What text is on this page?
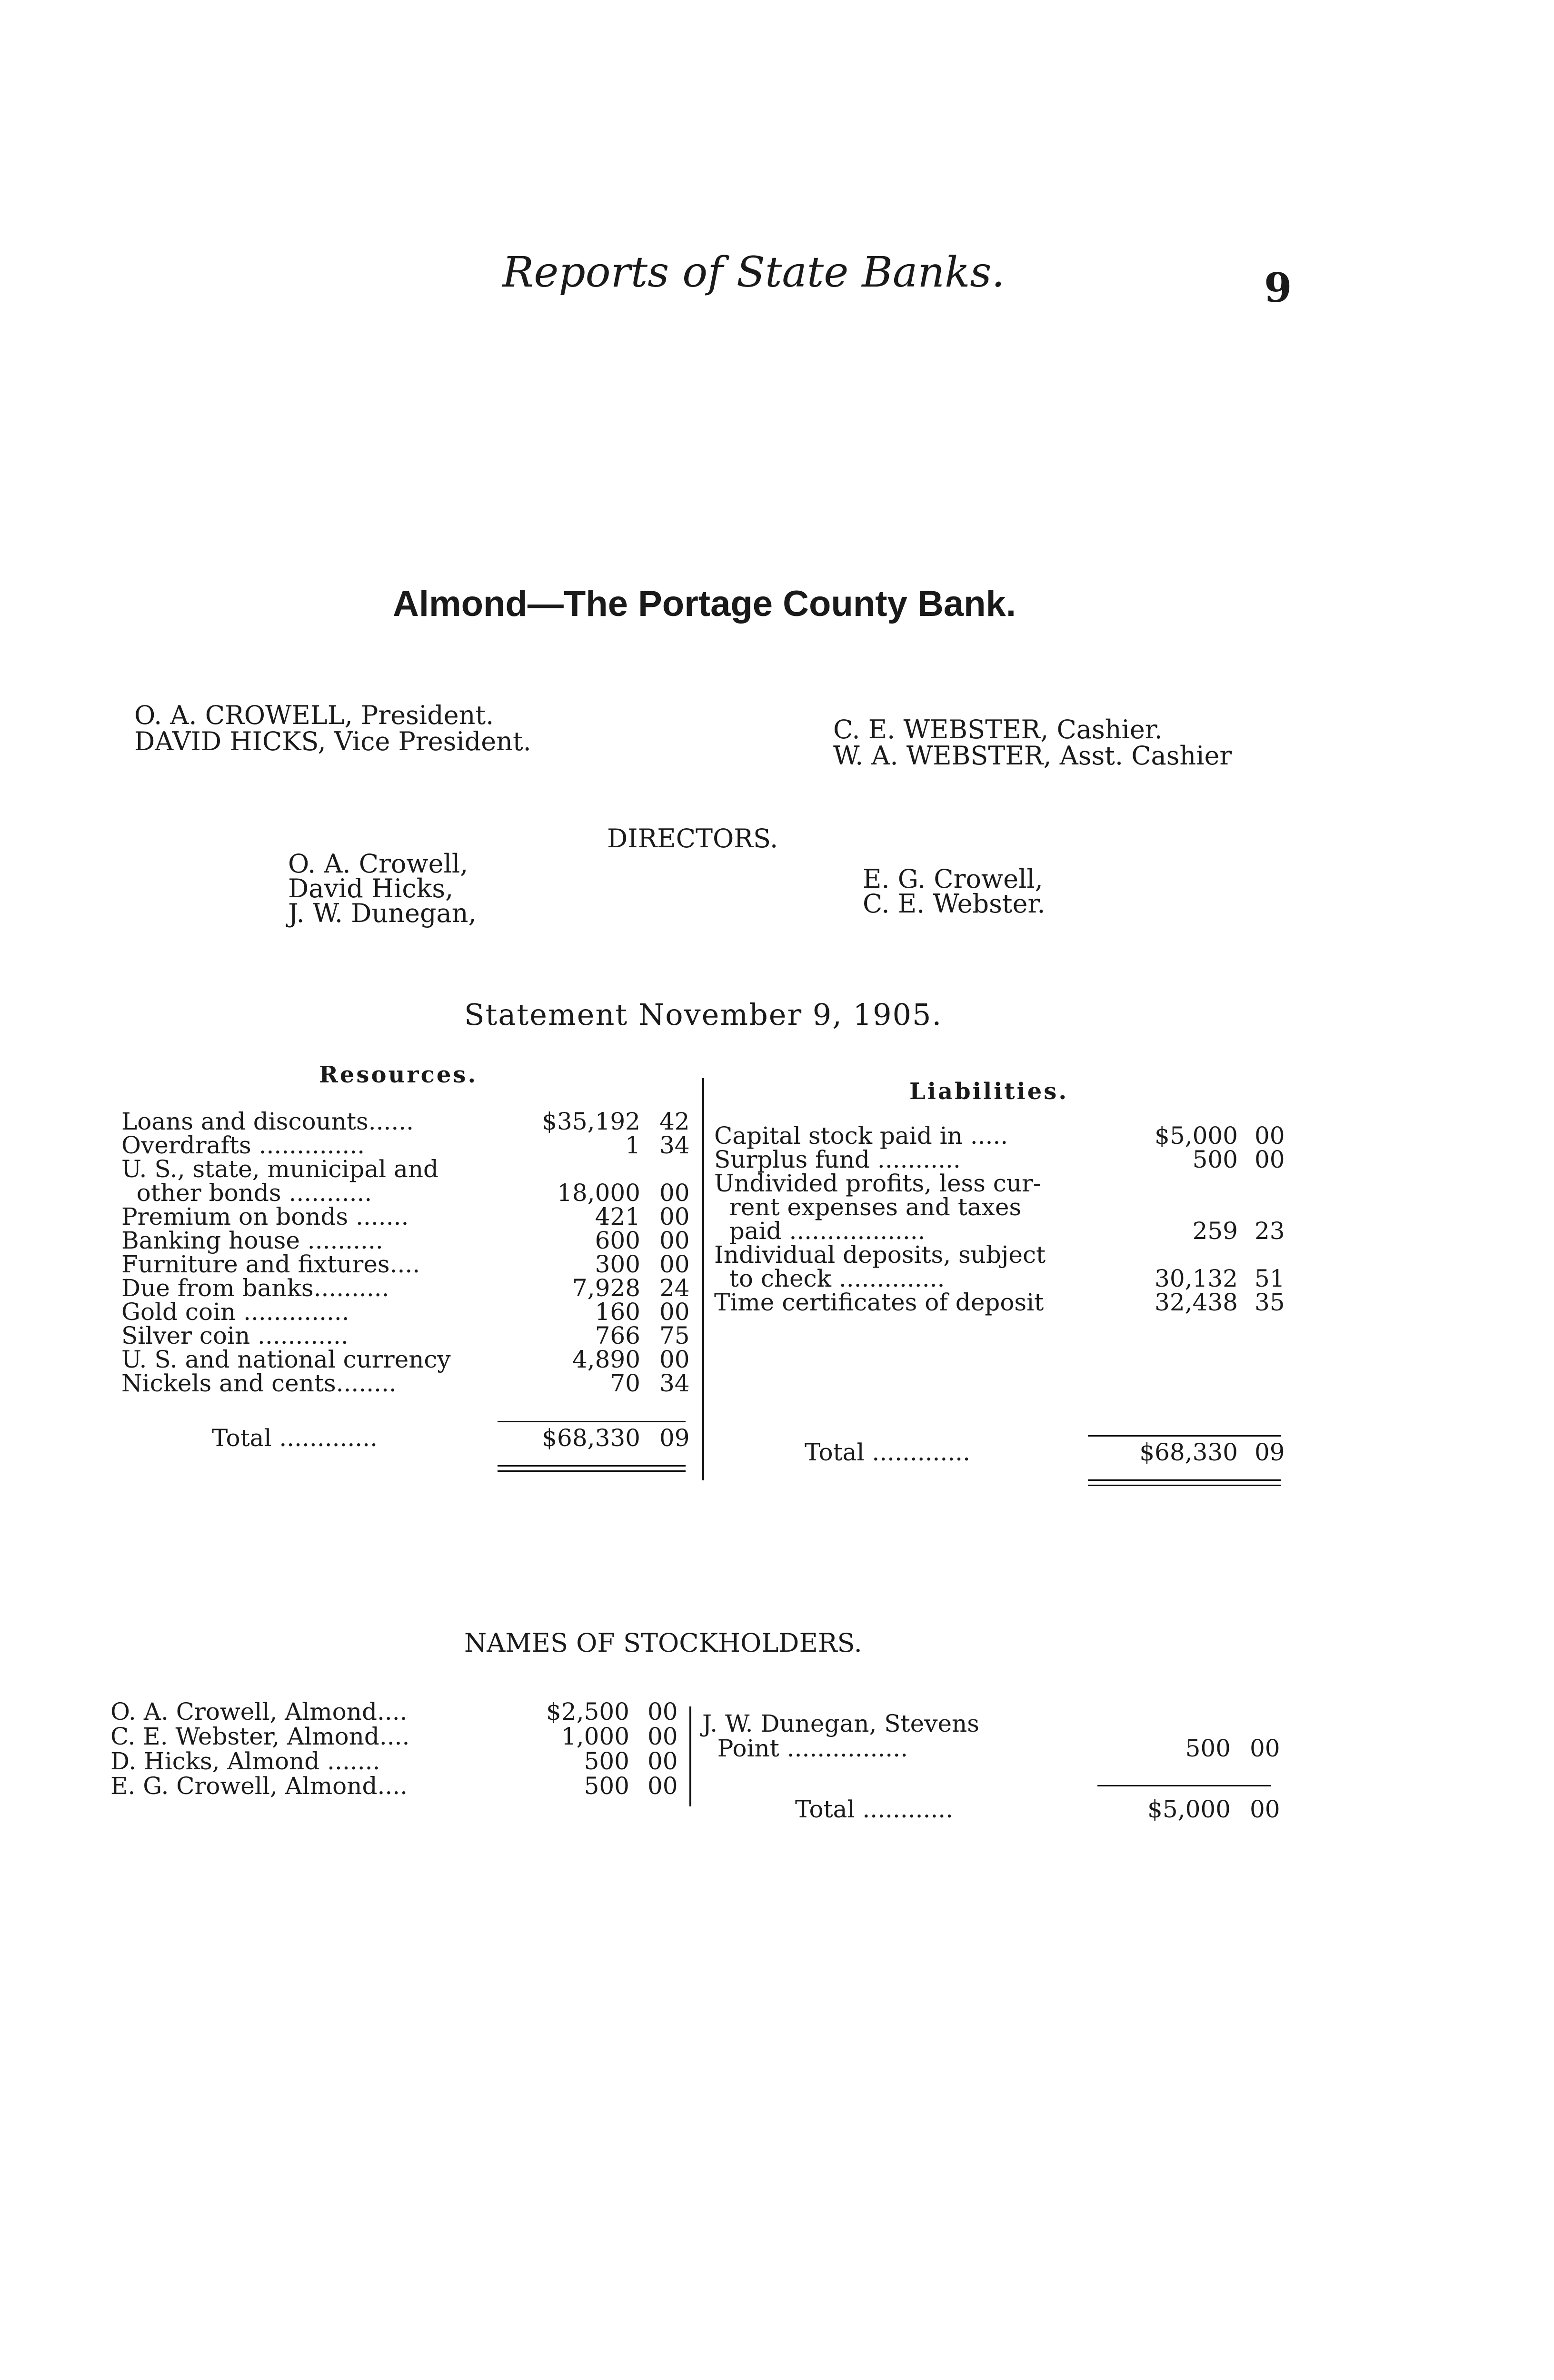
Reports of State Banks.	9
Almond—The Portage County Bank.
O. A. CROWELL, President.
DAVID HICKS, Vice President.	C. E. WEBSTER, Cashier.
W. A. WEBSTER, Asst. Cashier
DIRECTORS.
O. A. Crowell,
David Hicks,
J. W. Dunegan,
E. G. Crowell,
C. E. Webster.
Statement November 9, 1905.
Resources.
Liabilities.
Loans and discounts......	$35,192 42
Overdrafts ..............	1 34
U. S., state, municipal and
other bonds ...........	18,000 00
Premium on bonds .......	421 00
Banking house ..........	600 00
Furniture and fixtures....	300 00
Due from banks..........	7,928 24
Gold coin ..............	160 00
Silver coin ............	766 75
U. S. and national currency	4,890 00
Nickels and cents........	70 34
Total .............	$68,330 09
Capital stock paid in .....	$5,000 00
Surplus fund ...........	500 00
Undivided profits, less cur-
rent expenses and taxes
paid ..................	259 23
Individual deposits, subject
to check ..............	30,132 51
Time certificates of deposit	32,438 35
Total .............	$68,330 09
NAMES OF STOCKHOLDERS.
O. A. Crowell, Almond....	$2,500 00
C. E. Webster, Almond....	1,000 00
D. Hicks, Almond .......	500 00
E. G. Crowell, Almond....	500 00
J. W. Dunegan, Stevens
Point ................	500 00
Total ............	$5,000 00
